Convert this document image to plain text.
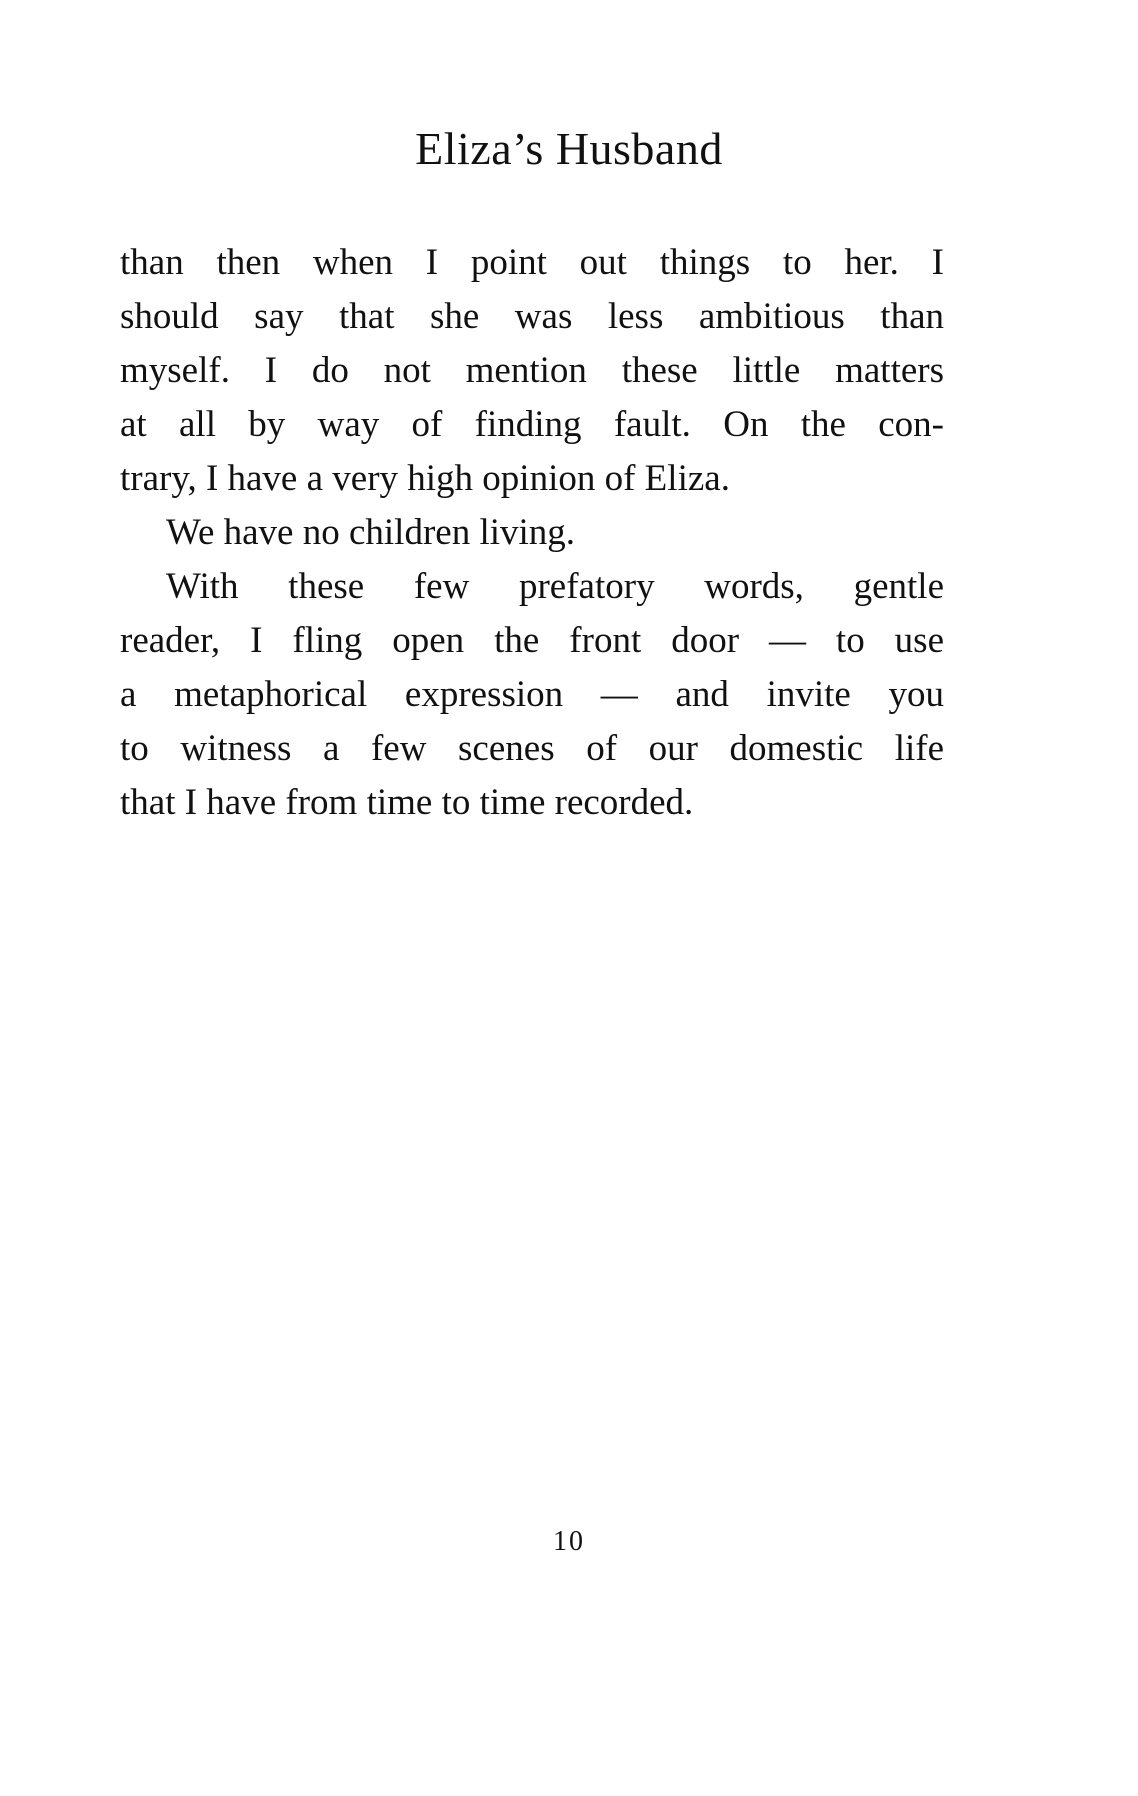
Eliza’s Husband
than then when I point out things to her. I
should say that she was less ambitious than
myself. I do not mention these little matters
at all by way of finding fault. On the con-
trary, I have a very high opinion of Eliza.
We have no children living.
With these few prefatory words, gentle
reader, I fling open the front door — to use
a metaphorical expression — and invite you
to witness a few scenes of our domestic life
that I have from time to time recorded.
10
